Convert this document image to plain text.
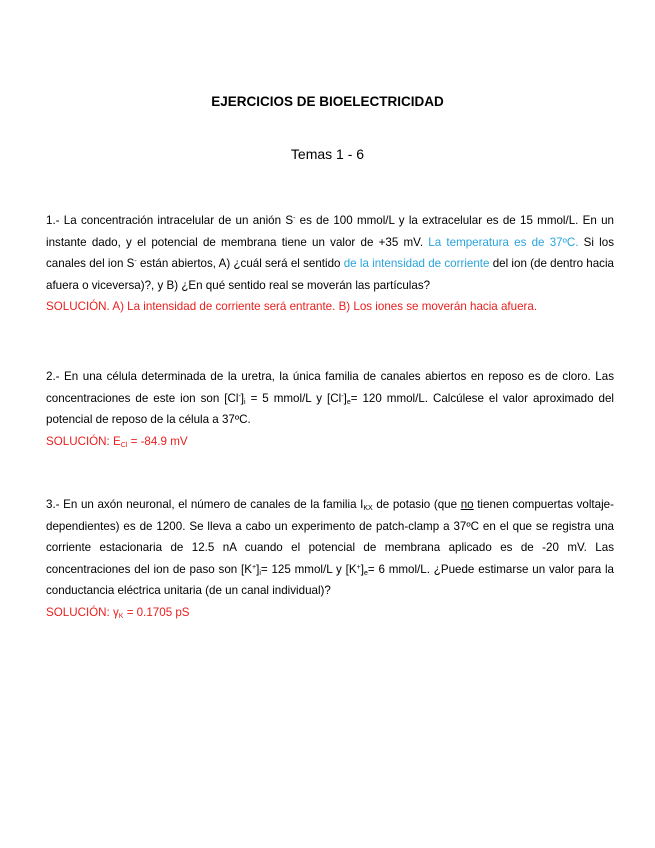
EJERCICIOS DE BIOELECTRICIDAD
Temas 1 - 6
1.- La concentración intracelular de un anión S- es de 100 mmol/L y la extracelular es de 15 mmol/L. En un instante dado, y el potencial de membrana tiene un valor de +35 mV. La temperatura es de 37ºC. Si los canales del ion S- están abiertos, A) ¿cuál será el sentido de la intensidad de corriente del ion (de dentro hacia afuera o viceversa)?, y B) ¿En qué sentido real se moverán las partículas?
SOLUCIÓN. A) La intensidad de corriente será entrante. B) Los iones se moverán hacia afuera.
2.- En una célula determinada de la uretra, la única familia de canales abiertos en reposo es de cloro. Las concentraciones de este ion son $[Cl^-]_i = 5$ mmol/L y $[Cl^-]_e= 120$ mmol/L. Calcúlese el valor aproximado del potencial de reposo de la célula a 37ºC.
SOLUCIÓN: $E_{Cl} = -84.9$ mV
3.- En un axón neuronal, el número de canales de la familia $I_{KX}$ de potasio (que no tienen compuertas voltaje-dependientes) es de 1200. Se lleva a cabo un experimento de patch-clamp a 37ºC en el que se registra una corriente estacionaria de 12.5 nA cuando el potencial de membrana aplicado es de -20 mV. Las concentraciones del ion de paso son $[K^+]_i= 125$ mmol/L y $[K^+]_e= 6$ mmol/L. ¿Puede estimarse un valor para la conductancia eléctrica unitaria (de un canal individual)?
SOLUCIÓN: $\gamma_K = 0.1705$ pS
